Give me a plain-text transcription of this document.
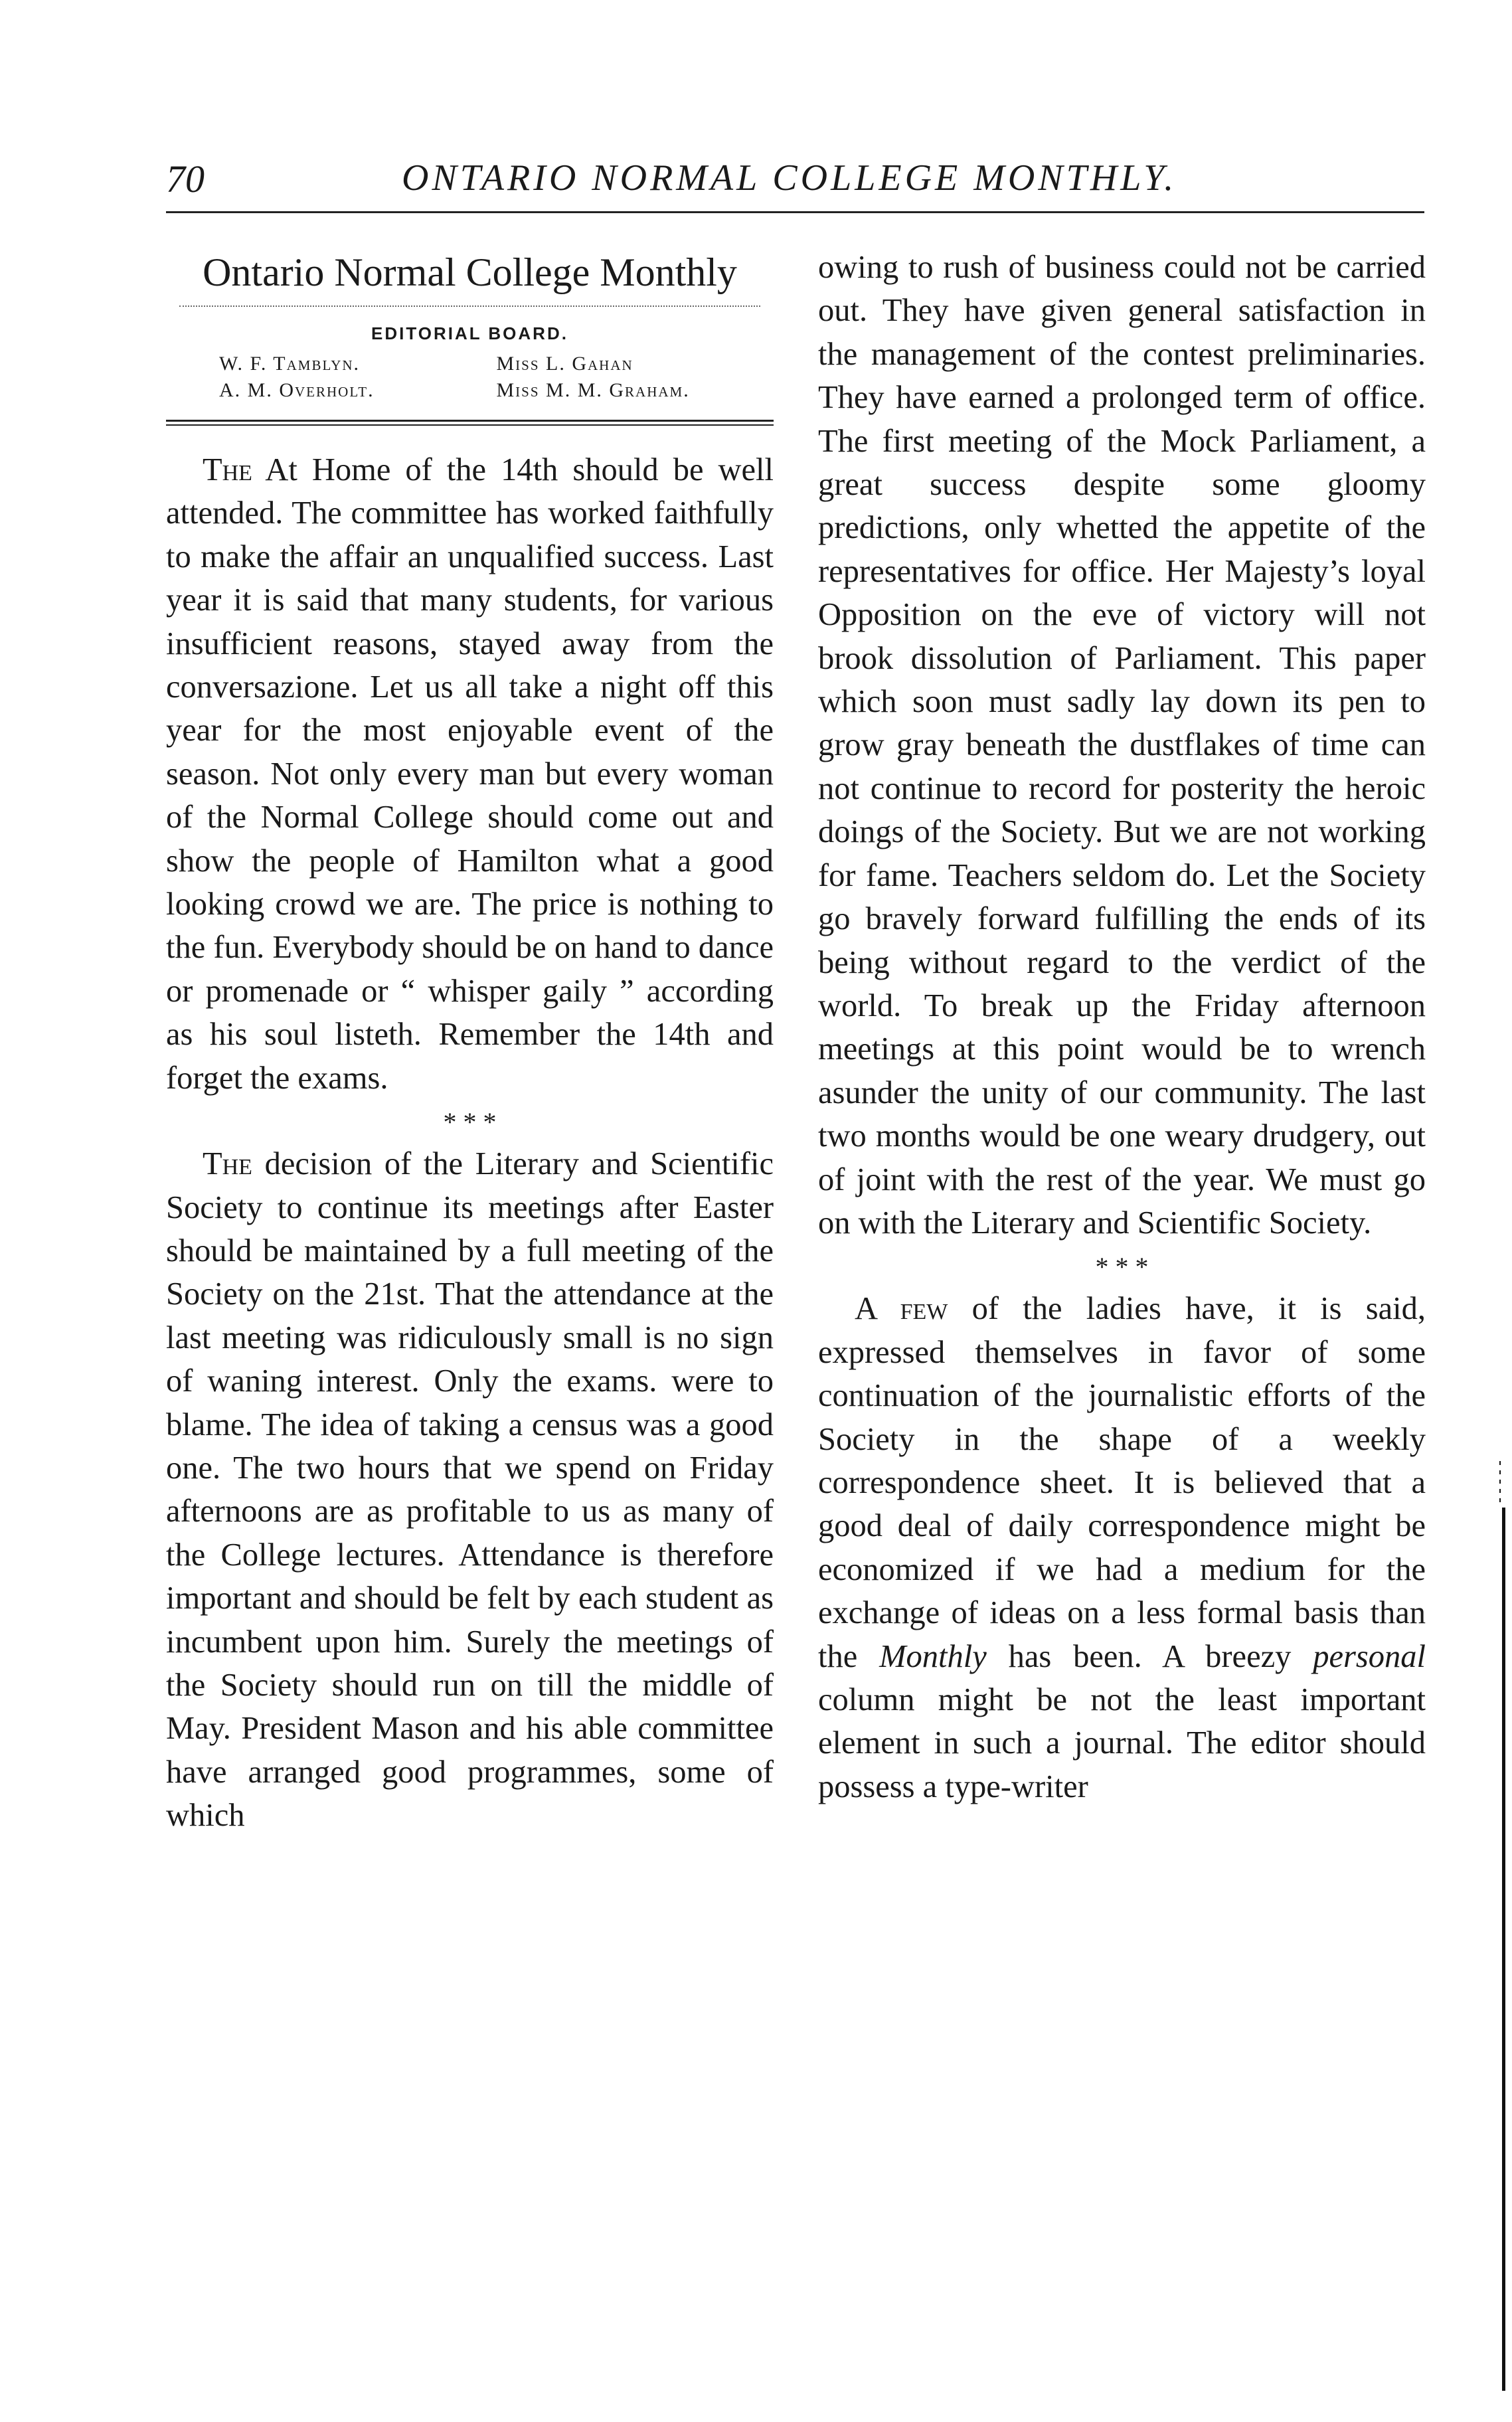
70	ONTARIO NORMAL COLLEGE MONTHLY.
Ontario Normal College Monthly
EDITORIAL BOARD.
W. F. Tamblyn.	Miss L. Gahan
A. M. Overholt.	Miss M. M. Graham.

The At Home of the 14th should be well attended. The committee has worked faithfully to make the affair an unqualified success. Last year it is said that many students, for various insufficient reasons, stayed away from the conversazione. Let us all take a night off this year for the most enjoyable event of the season. Not only every man but every woman of the Normal College should come out and show the people of Hamilton what a good looking crowd we are. The price is nothing to the fun. Everybody should be on hand to dance or promenade or “ whisper gaily ” according as his soul listeth. Remember the 14th and forget the exams.

* * *

The decision of the Literary and Scientific Society to continue its meetings after Easter should be maintained by a full meeting of the Society on the 21st. That the attendance at the last meeting was ridiculously small is no sign of waning interest. Only the exams. were to blame. The idea of taking a census was a good one. The two hours that we spend on Friday afternoons are as profitable to us as many of the College lectures. Attendance is therefore important and should be felt by each student as incumbent upon him. Surely the meetings of the Society should run on till the middle of May. President Mason and his able committee have arranged good programmes, some of which

owing to rush of business could not be carried out. They have given general satisfaction in the management of the contest preliminaries. They have earned a prolonged term of office. The first meeting of the Mock Parliament, a great success despite some gloomy predictions, only whetted the appetite of the representatives for office. Her Majesty’s loyal Opposition on the eve of victory will not brook dissolution of Parliament. This paper which soon must sadly lay down its pen to grow gray beneath the dustflakes of time can not continue to record for posterity the heroic doings of the Society. But we are not working for fame. Teachers seldom do. Let the Society go bravely forward fulfilling the ends of its being without regard to the verdict of the world. To break up the Friday afternoon meetings at this point would be to wrench asunder the unity of our community. The last two months would be one weary drudgery, out of joint with the rest of the year. We must go on with the Literary and Scientific Society.

* * *

A few of the ladies have, it is said, expressed themselves in favor of some continuation of the journalistic efforts of the Society in the shape of a weekly correspondence sheet. It is believed that a good deal of daily correspondence might be economized if we had a medium for the exchange of ideas on a less formal basis than the Monthly has been. A breezy personal column might be not the least important element in such a journal. The editor should possess a type-writer
